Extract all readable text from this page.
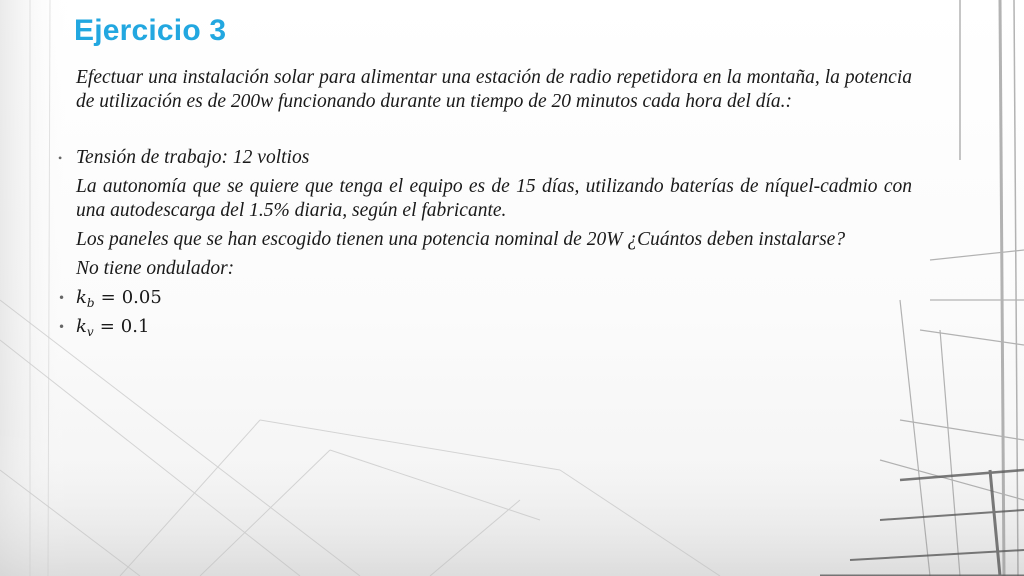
Ejercicio 3

Efectuar una instalación solar para alimentar una estación de radio repetidora en la montaña, la potencia de utilización es de 200w funcionando durante un tiempo de 20 minutos cada hora del día.:

• Tensión de trabajo: 12 voltios

La autonomía que se quiere que tenga el equipo es de 15 días, utilizando baterías de níquel-cadmio con una autodescarga del 1.5% diaria, según el fabricante.

Los paneles que se han escogido tienen una potencia nominal de 20W ¿Cuántos deben instalarse?

No tiene ondulador:

• $k_b = 0.05$

• $k_v = 0.1$
